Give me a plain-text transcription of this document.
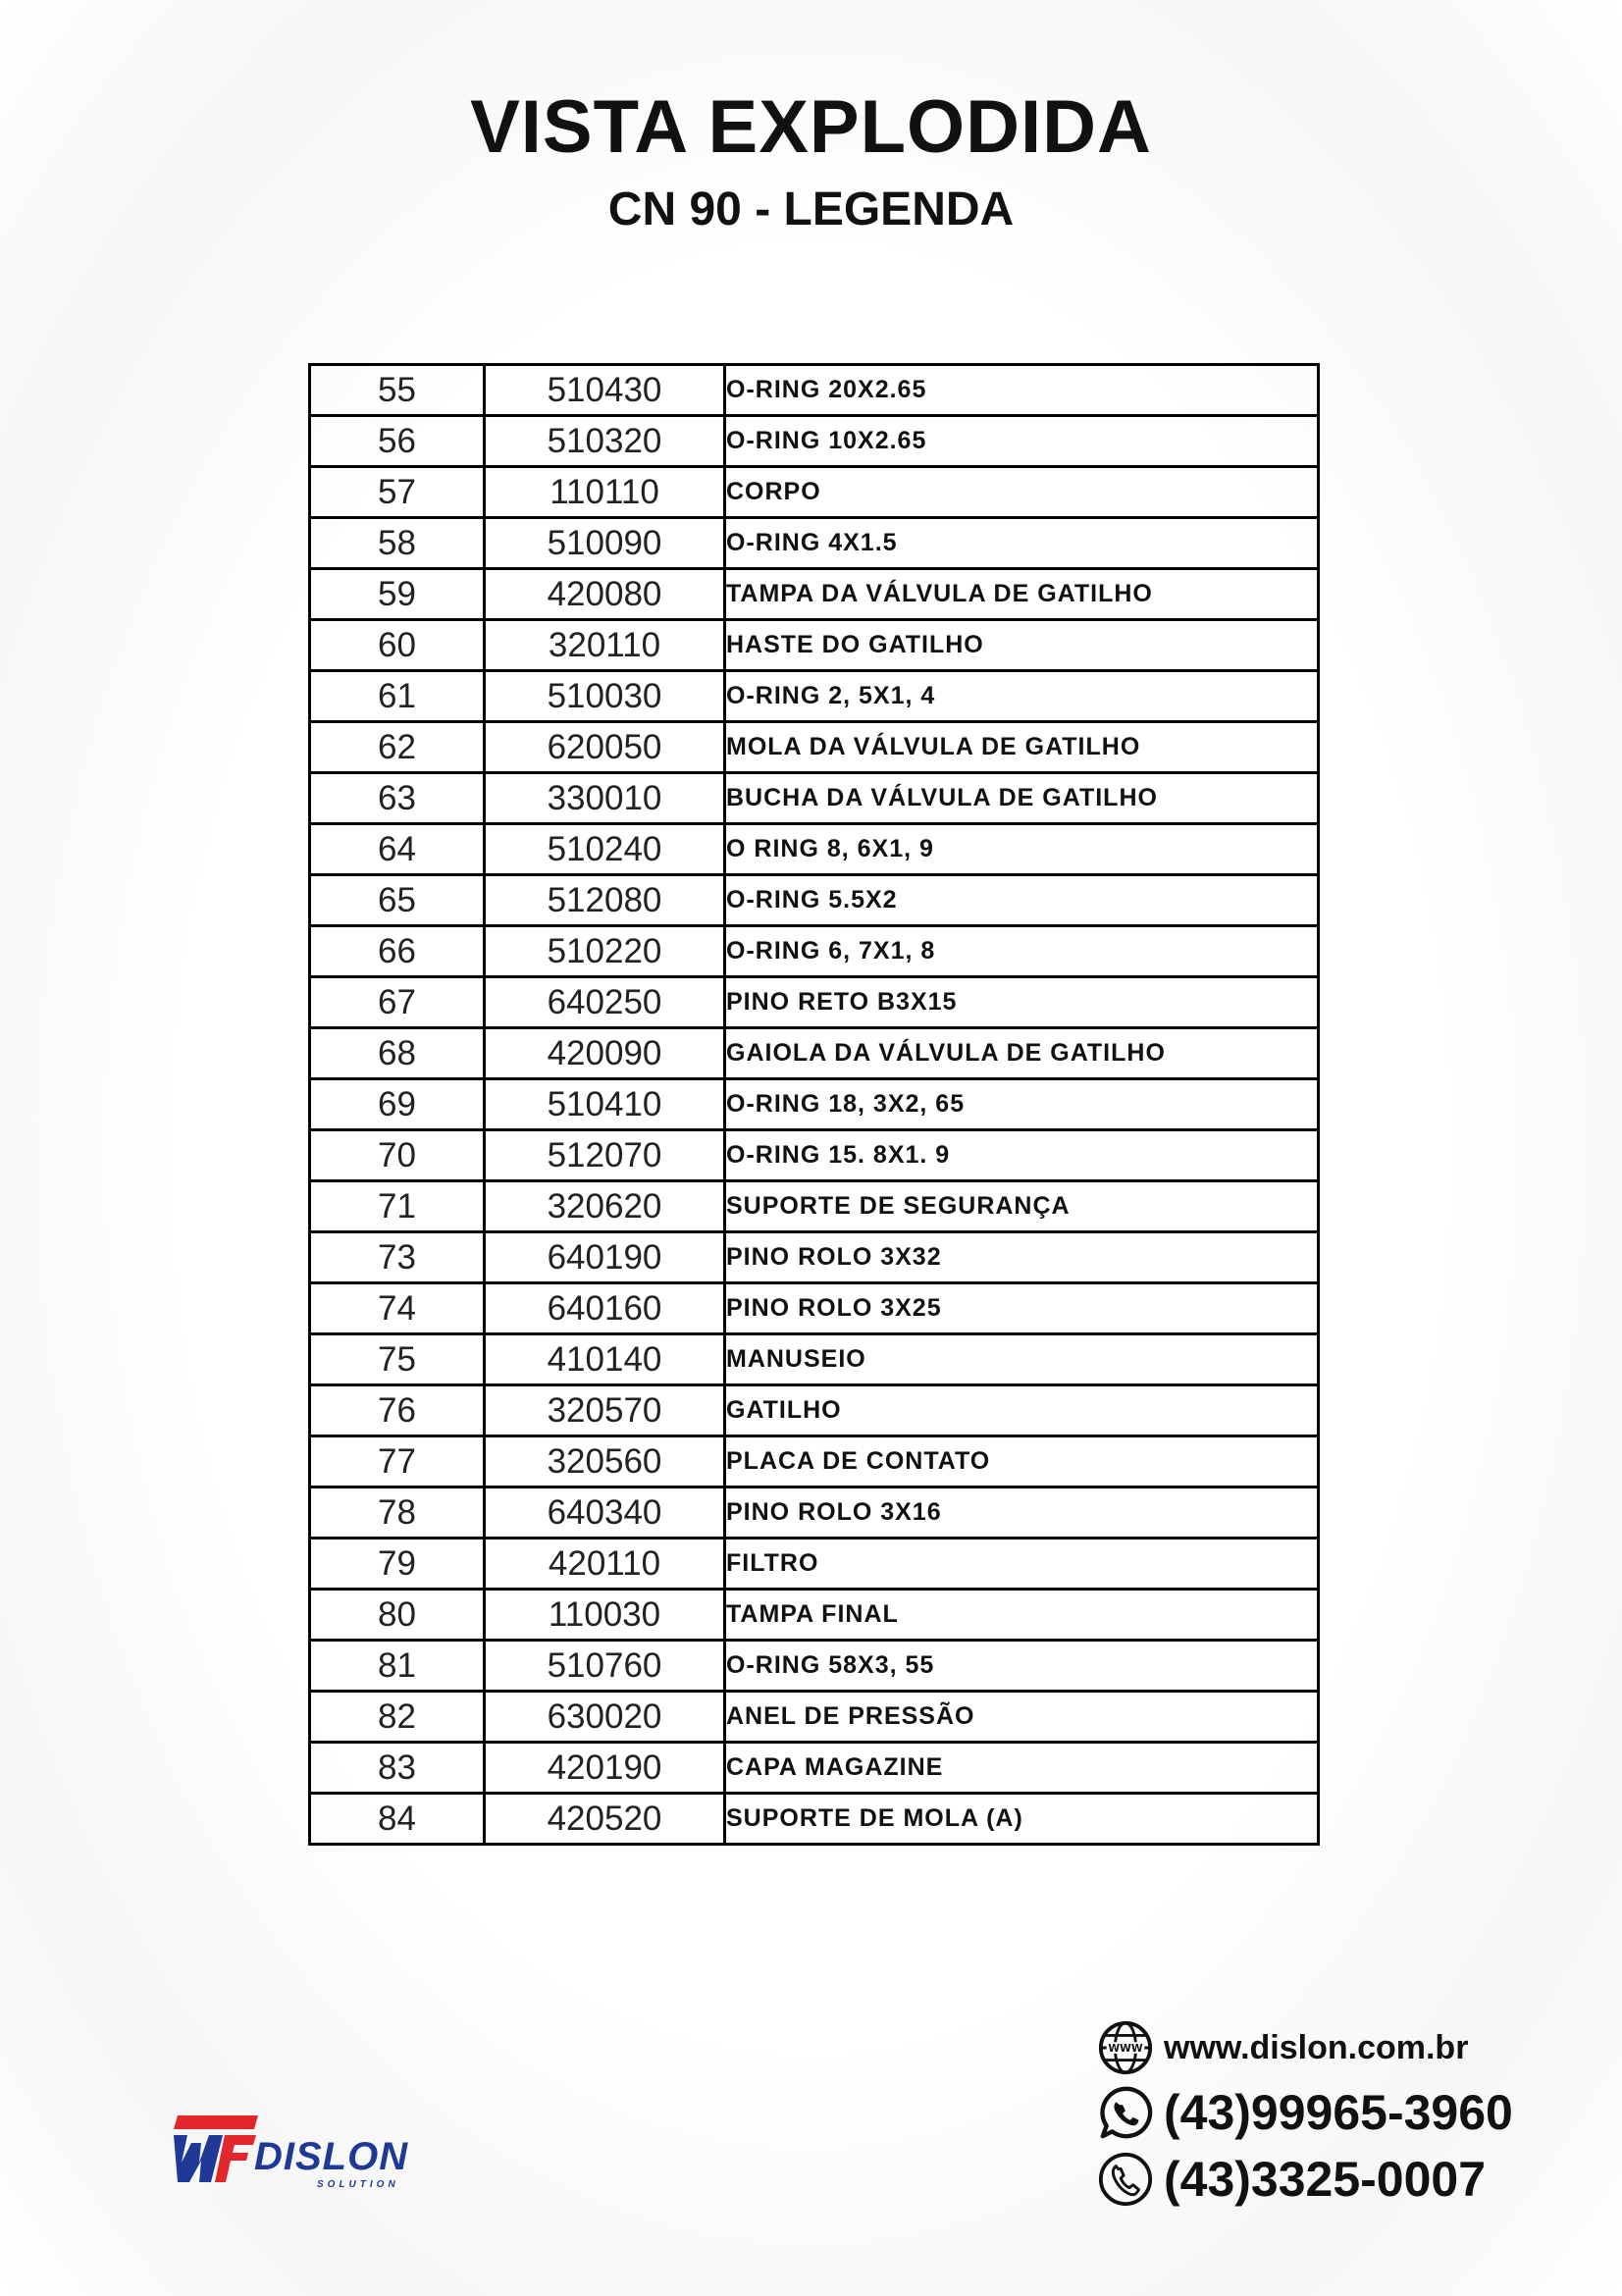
VISTA EXPLODIDA
CN 90 - LEGENDA
55	510430	O-RING 20X2.65
56	510320	O-RING 10X2.65
57	110110	CORPO
58	510090	O-RING 4X1.5
59	420080	TAMPA DA VÁLVULA DE GATILHO
60	320110	HASTE DO GATILHO
61	510030	O-RING 2, 5X1, 4
62	620050	MOLA DA VÁLVULA DE GATILHO
63	330010	BUCHA DA VÁLVULA DE GATILHO
64	510240	O RING 8, 6X1, 9
65	512080	O-RING 5.5X2
66	510220	O-RING 6, 7X1, 8
67	640250	PINO RETO B3X15
68	420090	GAIOLA DA VÁLVULA DE GATILHO
69	510410	O-RING 18, 3X2, 65
70	512070	O-RING 15. 8X1. 9
71	320620	SUPORTE DE SEGURANÇA
73	640190	PINO ROLO 3X32
74	640160	PINO ROLO 3X25
75	410140	MANUSEIO
76	320570	GATILHO
77	320560	PLACA DE CONTATO
78	640340	PINO ROLO 3X16
79	420110	FILTRO
80	110030	TAMPA FINAL
81	510760	O-RING 58X3, 55
82	630020	ANEL DE PRESSÃO
83	420190	CAPA MAGAZINE
84	420520	SUPORTE DE MOLA (A)
WWW www.dislon.com.br
(43)99965-3960
(43)3325-0007
DISLON
SOLUTION
